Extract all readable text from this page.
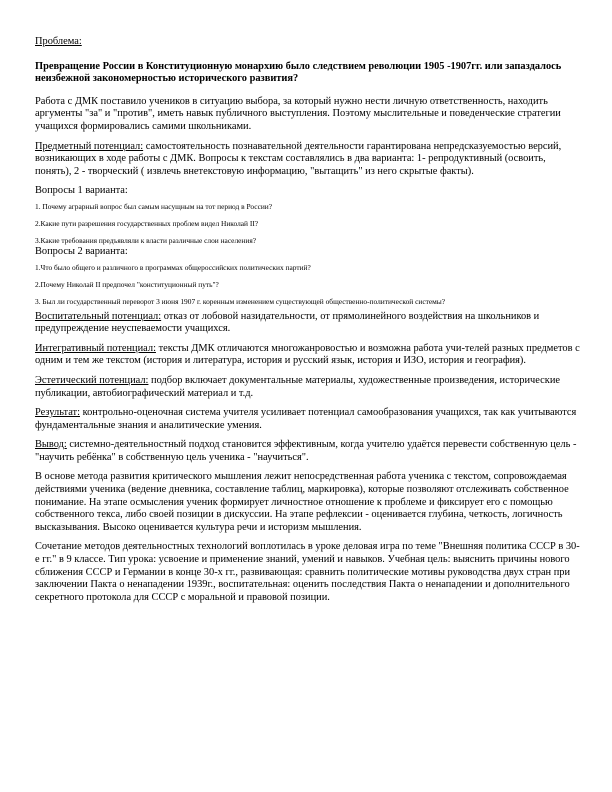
Проблема:

Превращение России в Конституционную монархию было следствием революции 1905 -1907гг. или запаздалось неизбежной закономерностью исторического развития?

Работа с ДМК поставило учеников в ситуацию выбора, за который нужно нести личную ответственность, находить аргументы "за" и "против", иметь навык публичного выступления. Поэтому мыслительные и поведенческие стратегии учащихся формировались самими школьниками.

Предметный потенциал: самостоятельность познавательной деятельности гарантирована непредсказуемостью версий, возникающих в ходе работы с ДМК. Вопросы к текстам составлялись в два варианта: 1- репродуктивный (освоить, понять), 2 - творческий ( извлечь внетекстовую информацию, "вытащить" из него скрытые факты).

Вопросы 1 варианта:

1. Почему аграрный вопрос был самым насущным на тот период в России?

2.Какие пути разрешения государственных проблем видел Николай II?

3.Какие требования предъявляли к власти различные слои населения?

Вопросы 2 варианта:

1.Что было общего и различного в программах общероссийских политических партий?

2.Почему Николай II предпочел "конституционный путь"?

3. Был ли государственный переворот 3 июня 1907 г. коренным изменением существующей общественно-политической системы?

Воспитательный потенциал: отказ от лобовой назидательности, от прямолинейного воздействия на школьников и предупреждение неуспеваемости учащихся.

Интегративный потенциал: тексты ДМК отличаются многожанровостью и возможна работа учи-телей разных предметов с одним и тем же текстом (история и литература, история и русский язык, история и ИЗО, история и география).

Эстетический потенциал: подбор включает документальные материалы, художественные произведения, исторические публикации, автобиографический материал и т.д.

Результат: контрольно-оценочная система учителя усиливает потенциал самообразования учащихся, так как учитываются фундаментальные знания и аналитические умения.

Вывод: системно-деятельностный подход становится эффективным, когда учителю удаётся перевести собственную цель - "научить ребёнка" в собственную цель ученика - "научиться".

В основе метода развития критического мышления лежит непосредственная работа ученика с текстом, сопровождаемая действиями ученика (ведение дневника, составление таблиц, маркировка), которые позволяют отслеживать собственное понимание. На этапе осмысления ученик формирует личностное отношение к проблеме и фиксирует его с помощью собственного текса, либо своей позиции в дискуссии. На этапе рефлексии - оценивается глубина, четкость, логичность высказывания. Высоко оценивается культура речи и историзм мышления.

Сочетание методов деятельностных технологий воплотилась в уроке деловая игра по теме "Внешняя политика СССР в 30-е гг." в 9 классе. Тип урока: усвоение и применение знаний, умений и навыков. Учебная цель: выяснить причины нового сближения СССР и Германии в конце 30-х гг., развивающая: сравнить политические мотивы руководства двух стран при заключении Пакта о ненападении 1939г., воспитательная: оценить последствия Пакта о ненападении и дополнительного секретного протокола для СССР с моральной и правовой позиции.
